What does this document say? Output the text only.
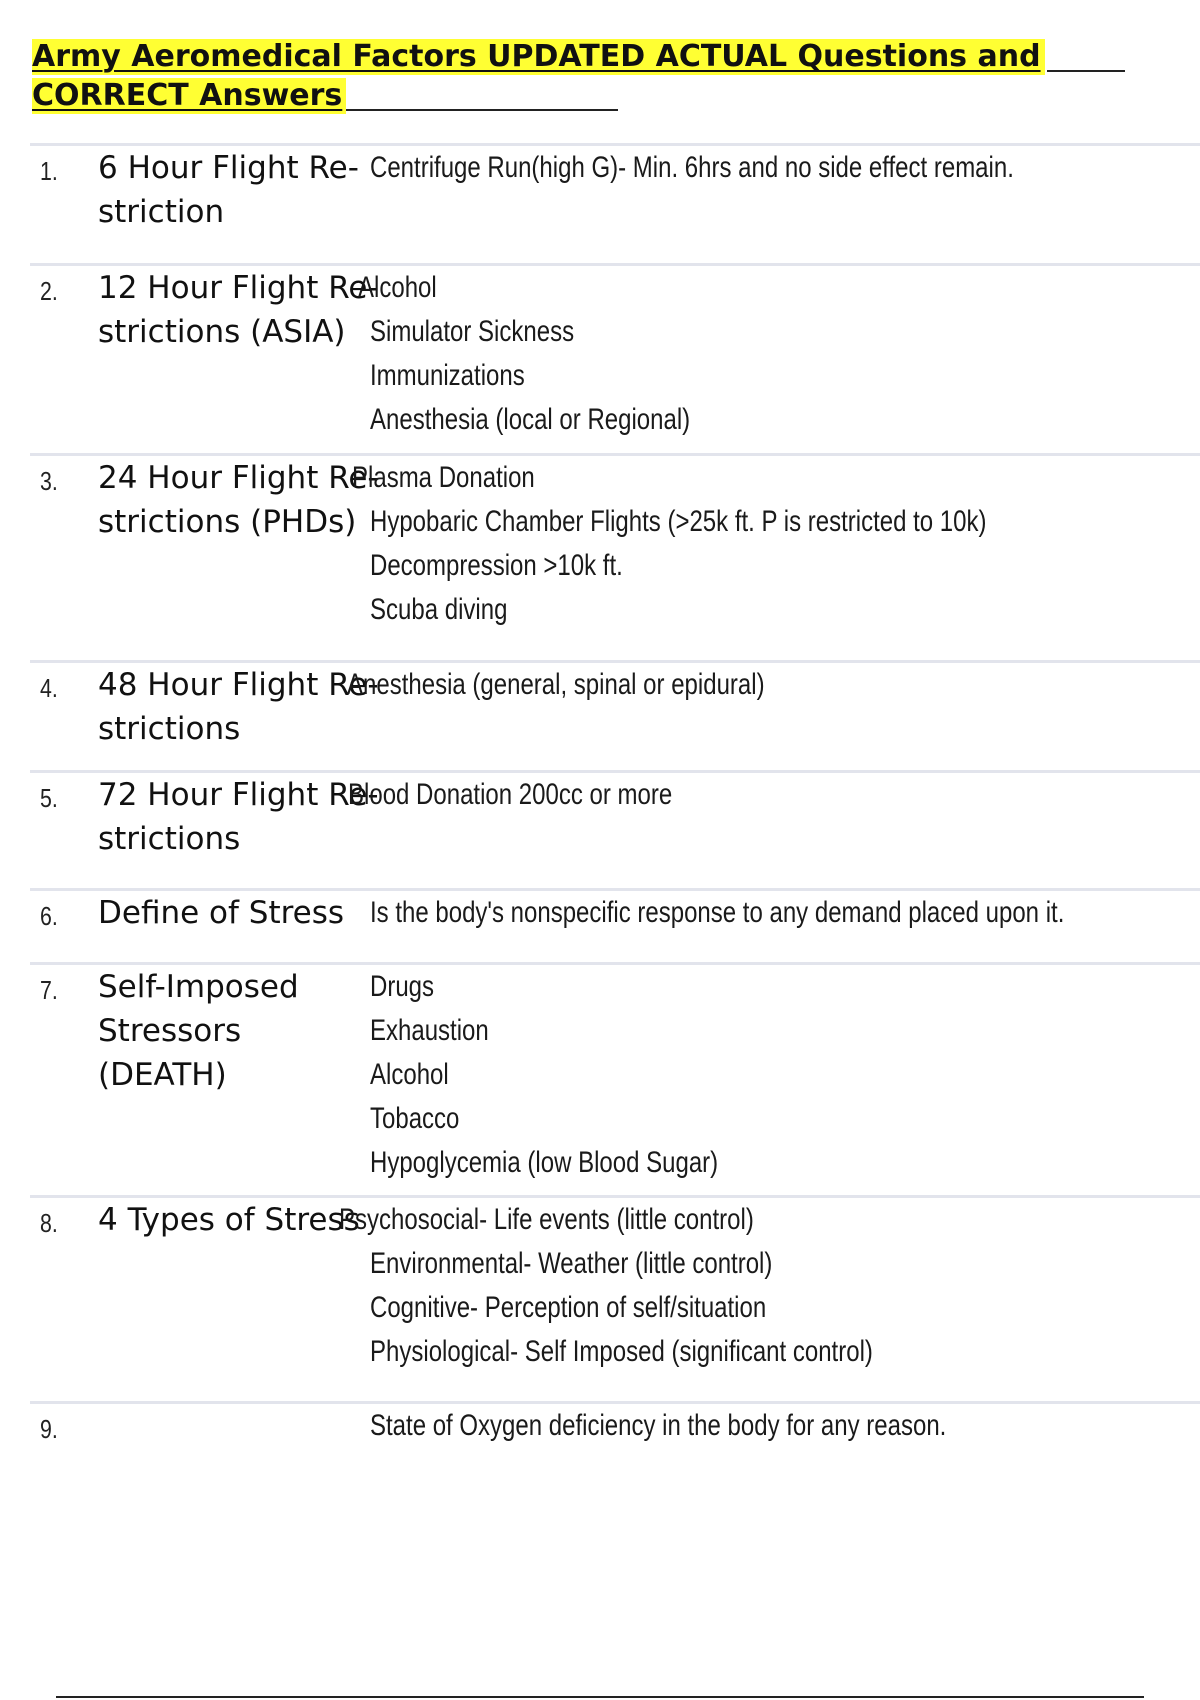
Army Aeromedical Factors UPDATED ACTUAL Questions and
CORRECT Answers
1. 6 Hour Flight Re-
striction
Centrifuge Run(high G)- Min. 6hrs and no side effect remain.
2. 12 Hour Flight Re-
strictions (ASIA)
Alcohol
Simulator Sickness
Immunizations
Anesthesia (local or Regional)
3. 24 Hour Flight Re-
strictions (PHDs)
Plasma Donation
Hypobaric Chamber Flights (>25k ft. P is restricted to 10k)
Decompression >10k ft.
Scuba diving
4. 48 Hour Flight Re-
strictions
Anesthesia (general, spinal or epidural)
5. 72 Hour Flight Re-
strictions
Blood Donation 200cc or more
6. Define of Stress Is the body's nonspecific response to any demand placed upon it.
7. Self-Imposed
Stressors
(DEATH)
Drugs
Exhaustion
Alcohol
Tobacco
Hypoglycemia (low Blood Sugar)
8. 4 Types of Stress
Psychosocial- Life events (little control)
Environmental- Weather (little control)
Cognitive- Perception of self/situation
Physiological- Self Imposed (significant control)
9.	State of Oxygen deficiency in the body for any reason.
